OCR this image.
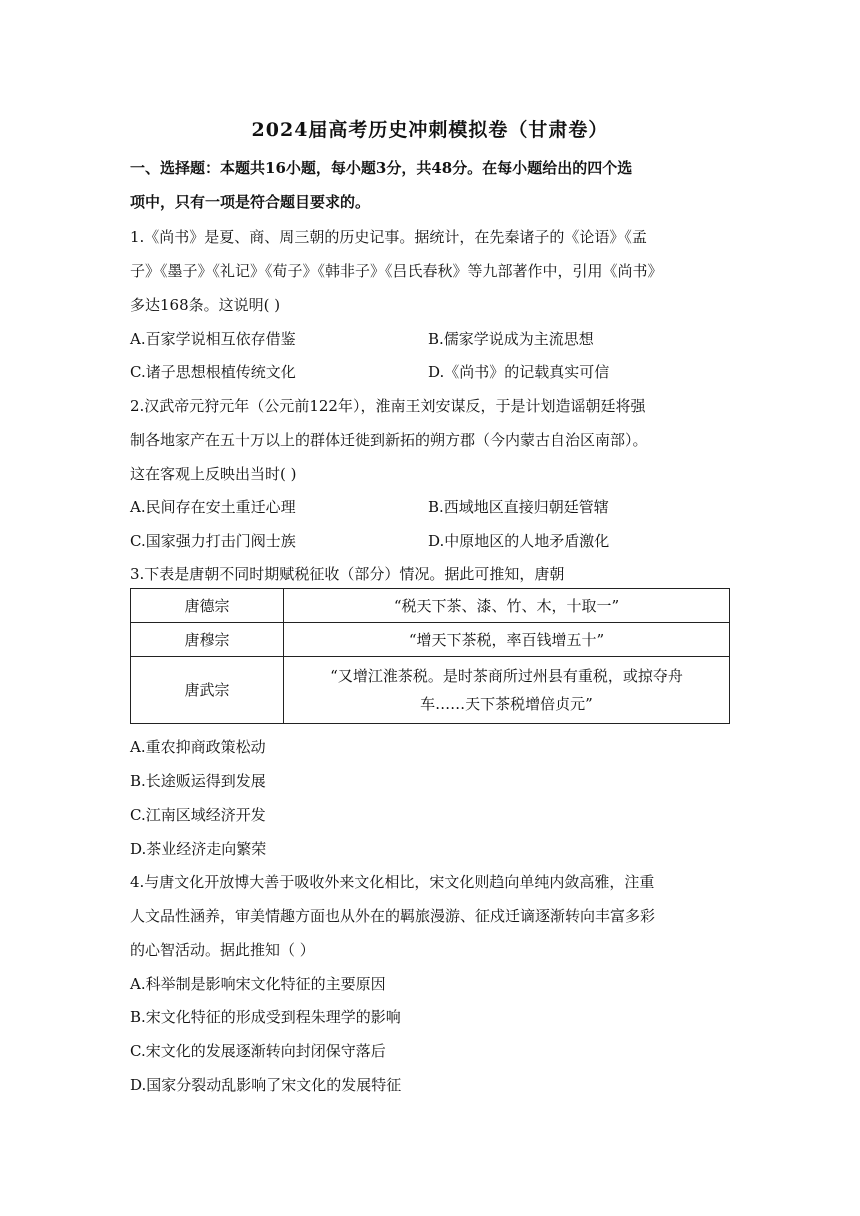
2024届高考历史冲刺模拟卷（甘肃卷）
一、选择题：本题共16小题，每小题3分，共48分。在每小题给出的四个选
项中，只有一项是符合题目要求的。
1.《尚书》是夏、商、周三朝的历史记事。据统计，在先秦诸子的《论语》《孟
子》《墨子》《礼记》《荀子》《韩非子》《吕氏春秋》等九部著作中，引用《尚书》
多达168条。这说明( )
A.百家学说相互依存借鉴	B.儒家学说成为主流思想
C.诸子思想根植传统文化	D.《尚书》的记载真实可信
2.汉武帝元狩元年（公元前122年），淮南王刘安谋反，于是计划造谣朝廷将强
制各地家产在五十万以上的群体迁徙到新拓的朔方郡（今内蒙古自治区南部）。
这在客观上反映出当时( )
A.民间存在安土重迁心理	B.西域地区直接归朝廷管辖
C.国家强力打击门阀士族	D.中原地区的人地矛盾激化
3.下表是唐朝不同时期赋税征收（部分）情况。据此可推知，唐朝
唐德宗	“税天下茶、漆、竹、木，十取一”
唐穆宗	“增天下茶税，率百钱增五十”
唐武宗	“又增江淮茶税。是时茶商所过州县有重税，或掠夺舟
车……天下茶税增倍贞元”
A.重农抑商政策松动
B.长途贩运得到发展
C.江南区域经济开发
D.茶业经济走向繁荣
4.与唐文化开放博大善于吸收外来文化相比，宋文化则趋向单纯内敛高雅，注重
人文品性涵养，审美情趣方面也从外在的羁旅漫游、征戍迁谪逐渐转向丰富多彩
的心智活动。据此推知（ ）
A.科举制是影响宋文化特征的主要原因
B.宋文化特征的形成受到程朱理学的影响
C.宋文化的发展逐渐转向封闭保守落后
D.国家分裂动乱影响了宋文化的发展特征
